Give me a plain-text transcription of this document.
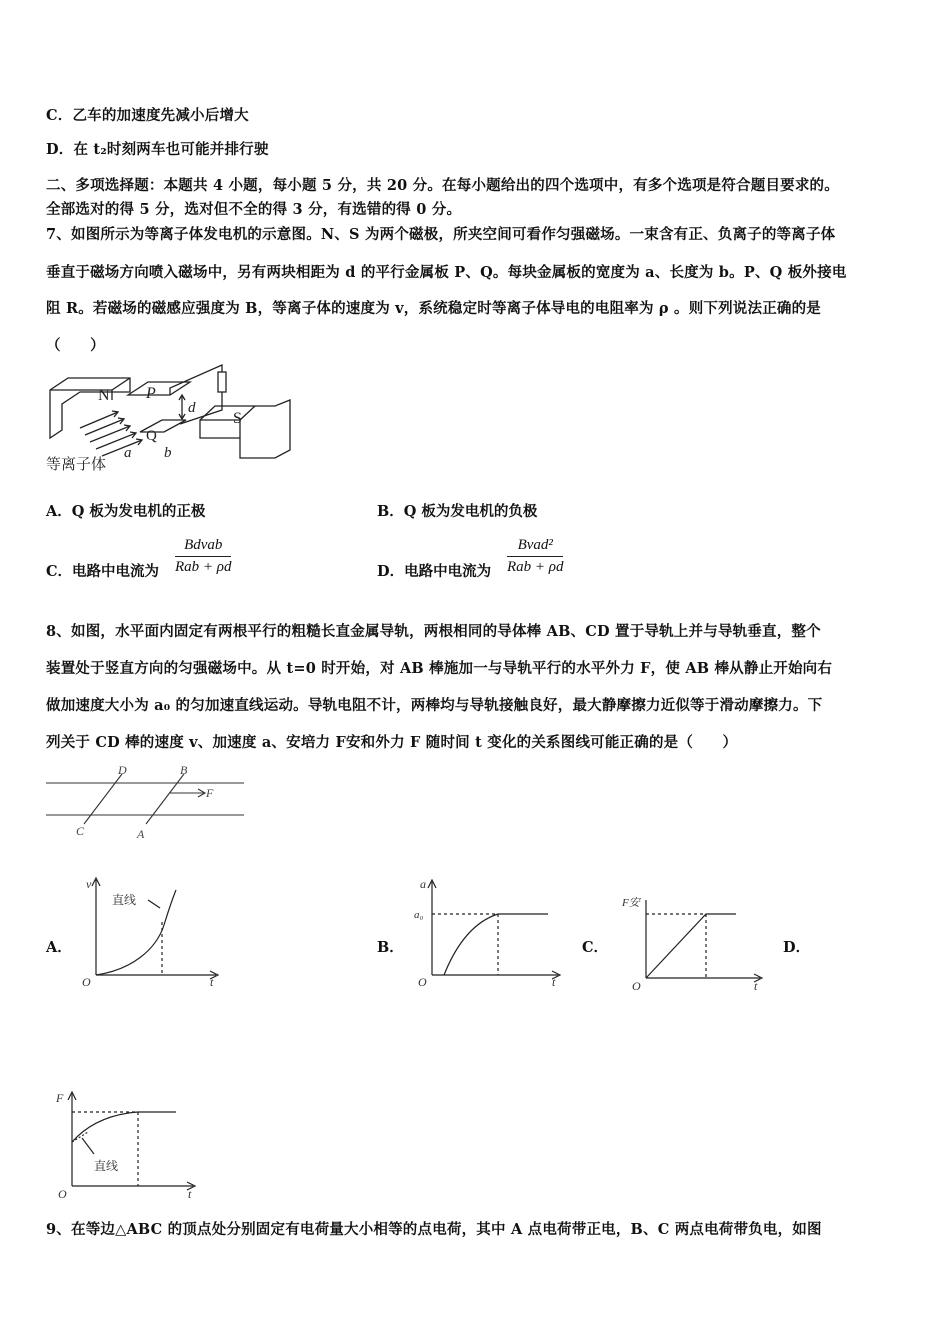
C．乙车的加速度先减小后增大
D．在 t₂时刻两车也可能并排行驶
二、多项选择题：本题共 4 小题，每小题 5 分，共 20 分。在每小题给出的四个选项中，有多个选项是符合题目要求的。
全部选对的得 5 分，选对但不全的得 3 分，有选错的得 0 分。
7、如图所示为等离子体发电机的示意图。N、S 为两个磁极，所夹空间可看作匀强磁场。一束含有正、负离子的等离子体
垂直于磁场方向喷入磁场中，另有两块相距为 d 的平行金属板 P、Q。每块金属板的宽度为 a、长度为 b。P、Q 板外接电
阻 R。若磁场的磁感应强度为 B，等离子体的速度为 v，系统稳定时等离子体导电的电阻率为 ρ 。则下列说法正确的是
（　　）
N P
d
S
Q
a b
等离子体
A．Q 板为发电机的正极	B．Q 板为发电机的负极
C．电路中电流为
Bdvab
Rab + ρd	D．电路中电流为
Bvad²
Rab + ρd
8、如图，水平面内固定有两根平行的粗糙长直金属导轨，两根相同的导体棒 AB、CD 置于导轨上并与导轨垂直，整个
装置处于竖直方向的匀强磁场中。从 t=0 时开始，对 AB 棒施加一与导轨平行的水平外力 F，使 AB 棒从静止开始向右
做加速度大小为 a₀ 的匀加速直线运动。导轨电阻不计，两棒均与导轨接触良好，最大静摩擦力近似等于滑动摩擦力。下
列关于 CD 棒的速度 v、加速度 a、安培力 F安和外力 F 随时间 t 变化的关系图线可能正确的是（　　）
D	B
F
C	A
A．	B．	C．	D．
v
直线
O	t
a
a₀
O	t
F安
O	t
F
直线
O	t
9、在等边△ABC 的顶点处分别固定有电荷量大小相等的点电荷，其中 A 点电荷带正电，B、C 两点电荷带负电，如图
